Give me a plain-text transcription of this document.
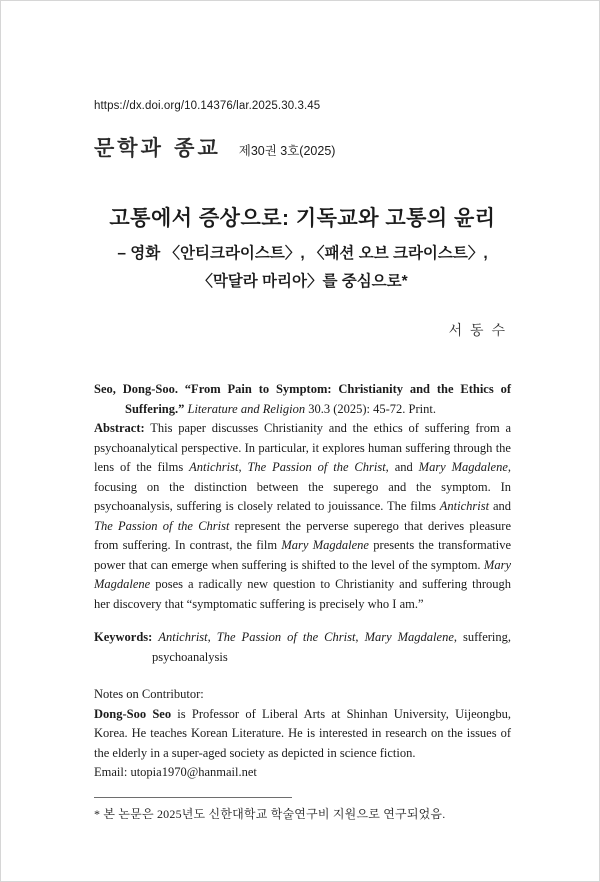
https://dx.doi.org/10.14376/lar.2025.30.3.45
문학과 종교 제30권 3호(2025)
고통에서 증상으로: 기독교와 고통의 윤리
– 영화 〈안티크라이스트〉, 〈패션 오브 크라이스트〉,
〈막달라 마리아〉를 중심으로*
서 동 수

Seo, Dong-Soo. “From Pain to Symptom: Christianity and the Ethics of Suffering.” Literature and Religion 30.3 (2025): 45-72. Print.

Abstract: This paper discusses Christianity and the ethics of suffering from a psychoanalytical perspective. In particular, it explores human suffering through the lens of the films Antichrist, The Passion of the Christ, and Mary Magdalene, focusing on the distinction between the superego and the symptom. In psychoanalysis, suffering is closely related to jouissance. The films Antichrist and The Passion of the Christ represent the perverse superego that derives pleasure from suffering. In contrast, the film Mary Magdalene presents the transformative power that can emerge when suffering is shifted to the level of the symptom. Mary Magdalene poses a radically new question to Christianity and suffering through her discovery that “symptomatic suffering is precisely who I am.”

Keywords: Antichrist, The Passion of the Christ, Mary Magdalene, suffering, psychoanalysis

Notes on Contributor:

Dong-Soo Seo is Professor of Liberal Arts at Shinhan University, Uijeongbu, Korea. He teaches Korean Literature. He is interested in research on the issues of the elderly in a super-aged society as depicted in science fiction.

Email: utopia1970@hanmail.net

* 본 논문은 2025년도 신한대학교 학술연구비 지원으로 연구되었음.
